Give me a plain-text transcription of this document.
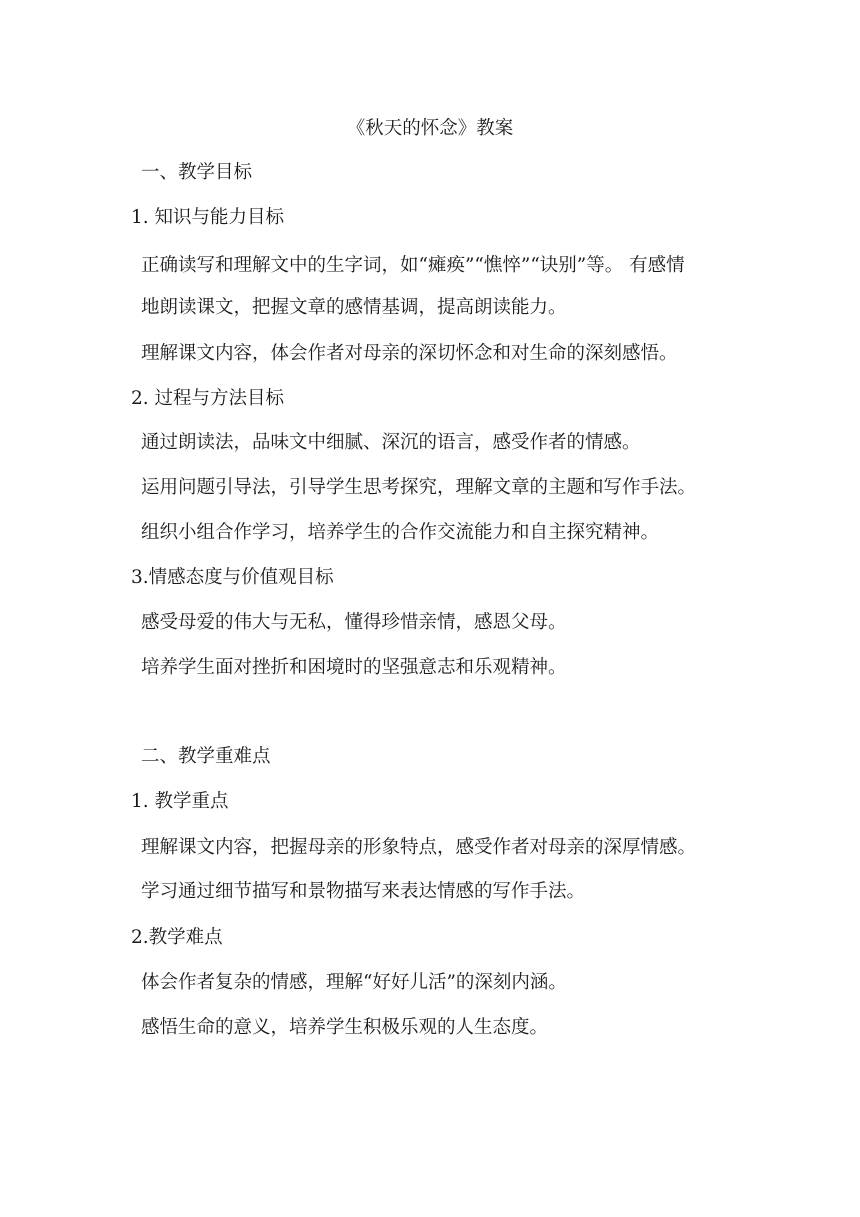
《秋天的怀念》教案
一、教学目标
1. 知识与能力目标
正确读写和理解文中的生字词，如“瘫痪”“憔悴”“诀别”等。 有感情
地朗读课文，把握文章的感情基调，提高朗读能力。
理解课文内容，体会作者对母亲的深切怀念和对生命的深刻感悟。
2. 过程与方法目标
通过朗读法，品味文中细腻、深沉的语言，感受作者的情感。
运用问题引导法，引导学生思考探究，理解文章的主题和写作手法。
组织小组合作学习，培养学生的合作交流能力和自主探究精神。
3.情感态度与价值观目标
感受母爱的伟大与无私，懂得珍惜亲情，感恩父母。
培养学生面对挫折和困境时的坚强意志和乐观精神。
二、教学重难点
1. 教学重点
理解课文内容，把握母亲的形象特点，感受作者对母亲的深厚情感。
学习通过细节描写和景物描写来表达情感的写作手法。
2.教学难点
体会作者复杂的情感，理解“好好儿活”的深刻内涵。
感悟生命的意义，培养学生积极乐观的人生态度。
